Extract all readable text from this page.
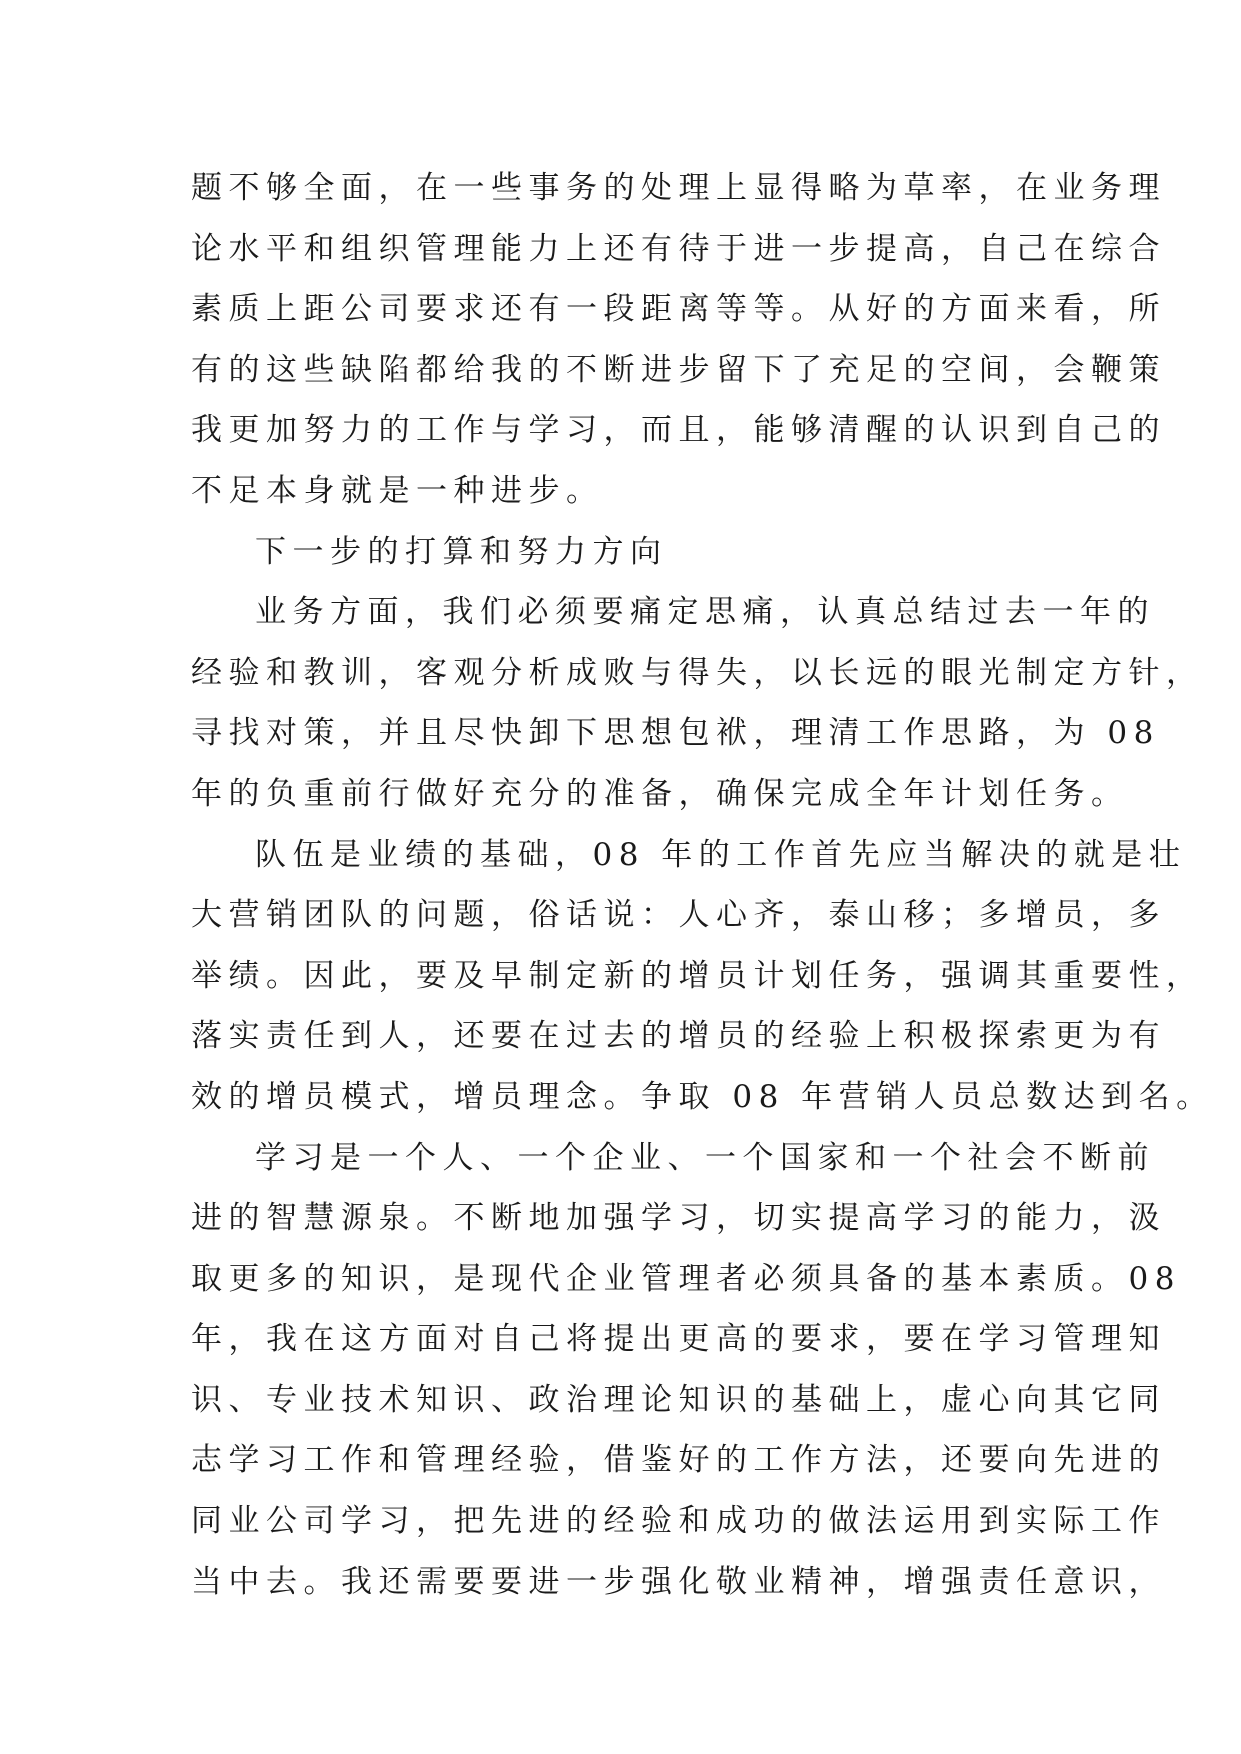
题不够全面，在一些事务的处理上显得略为草率，在业务理
论水平和组织管理能力上还有待于进一步提高，自己在综合
素质上距公司要求还有一段距离等等。从好的方面来看，所
有的这些缺陷都给我的不断进步留下了充足的空间，会鞭策
我更加努力的工作与学习，而且，能够清醒的认识到自己的
不足本身就是一种进步。
下一步的打算和努力方向
业务方面，我们必须要痛定思痛，认真总结过去一年的
经验和教训，客观分析成败与得失，以长远的眼光制定方针，
寻找对策，并且尽快卸下思想包袱，理清工作思路，为 08
年的负重前行做好充分的准备，确保完成全年计划任务。
队伍是业绩的基础，08 年的工作首先应当解决的就是壮
大营销团队的问题，俗话说：人心齐，泰山移；多增员，多
举绩。因此，要及早制定新的增员计划任务，强调其重要性，
落实责任到人，还要在过去的增员的经验上积极探索更为有
效的增员模式，增员理念。争取 08 年营销人员总数达到名。
学习是一个人、一个企业、一个国家和一个社会不断前
进的智慧源泉。不断地加强学习，切实提高学习的能力，汲
取更多的知识，是现代企业管理者必须具备的基本素质。08
年，我在这方面对自己将提出更高的要求，要在学习管理知
识、专业技术知识、政治理论知识的基础上，虚心向其它同
志学习工作和管理经验，借鉴好的工作方法，还要向先进的
同业公司学习，把先进的经验和成功的做法运用到实际工作
当中去。我还需要要进一步强化敬业精神，增强责任意识，
